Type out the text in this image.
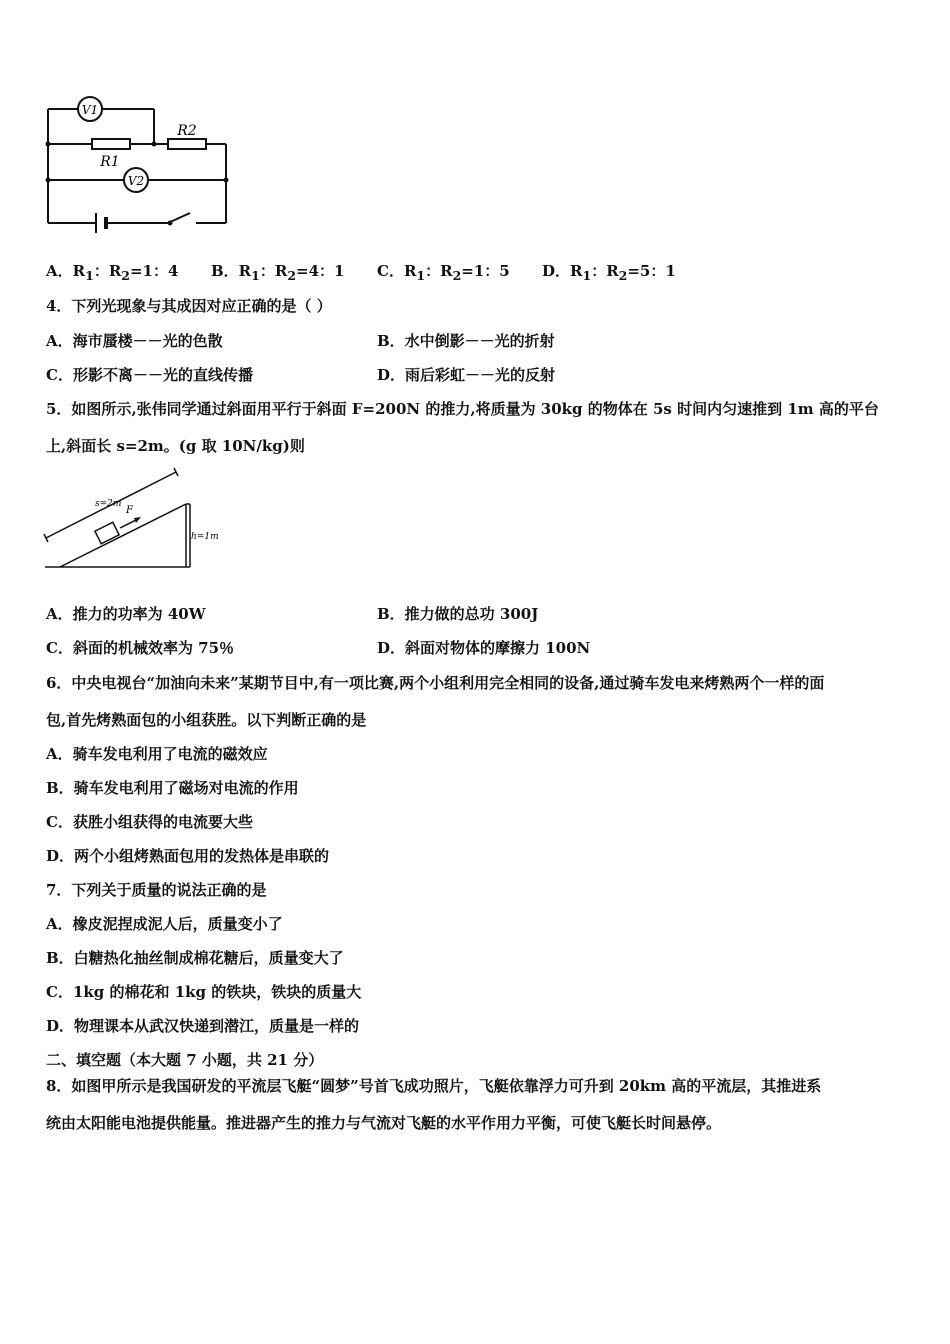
V1
V2
R1
R2
A．$R_1$：$R_2=1$：4 B．$R_1$：$R_2=4$：1 C．$R_1$：$R_2=1$：5 D．$R_1$：$R_2=5$：1
4．下列光现象与其成因对应正确的是（ ）
A．海市蜃楼－－光的色散	B．水中倒影－－光的折射
C．形影不离－－光的直线传播	D．雨后彩虹－－光的反射
5．如图所示,张伟同学通过斜面用平行于斜面 F=200N 的推力,将质量为 30kg 的物体在 5s 时间内匀速推到 1m 高的平台
上,斜面长 s=2m。(g 取 10N/kg)则
s=2m
F
h=1m
A．推力的功率为 40W	B．推力做的总功 300J
C．斜面的机械效率为 75％	D．斜面对物体的摩擦力 100N
6．中央电视台“加油向未来”某期节目中,有一项比赛,两个小组利用完全相同的设备,通过骑车发电来烤熟两个一样的面
包,首先烤熟面包的小组获胜。以下判断正确的是
A．骑车发电利用了电流的磁效应
B．骑车发电利用了磁场对电流的作用
C．获胜小组获得的电流要大些
D．两个小组烤熟面包用的发热体是串联的
7．下列关于质量的说法正确的是
A．橡皮泥捏成泥人后，质量变小了
B．白糖热化抽丝制成棉花糖后，质量变大了
C．1kg 的棉花和 1kg 的铁块，铁块的质量大
D．物理课本从武汉快递到潜江，质量是一样的
二、填空题（本大题 7 小题，共 21 分）
8．如图甲所示是我国研发的平流层飞艇“圆梦”号首飞成功照片，飞艇依靠浮力可升到 20km 高的平流层，其推进系
统由太阳能电池提供能量。推进器产生的推力与气流对飞艇的水平作用力平衡，可使飞艇长时间悬停。
